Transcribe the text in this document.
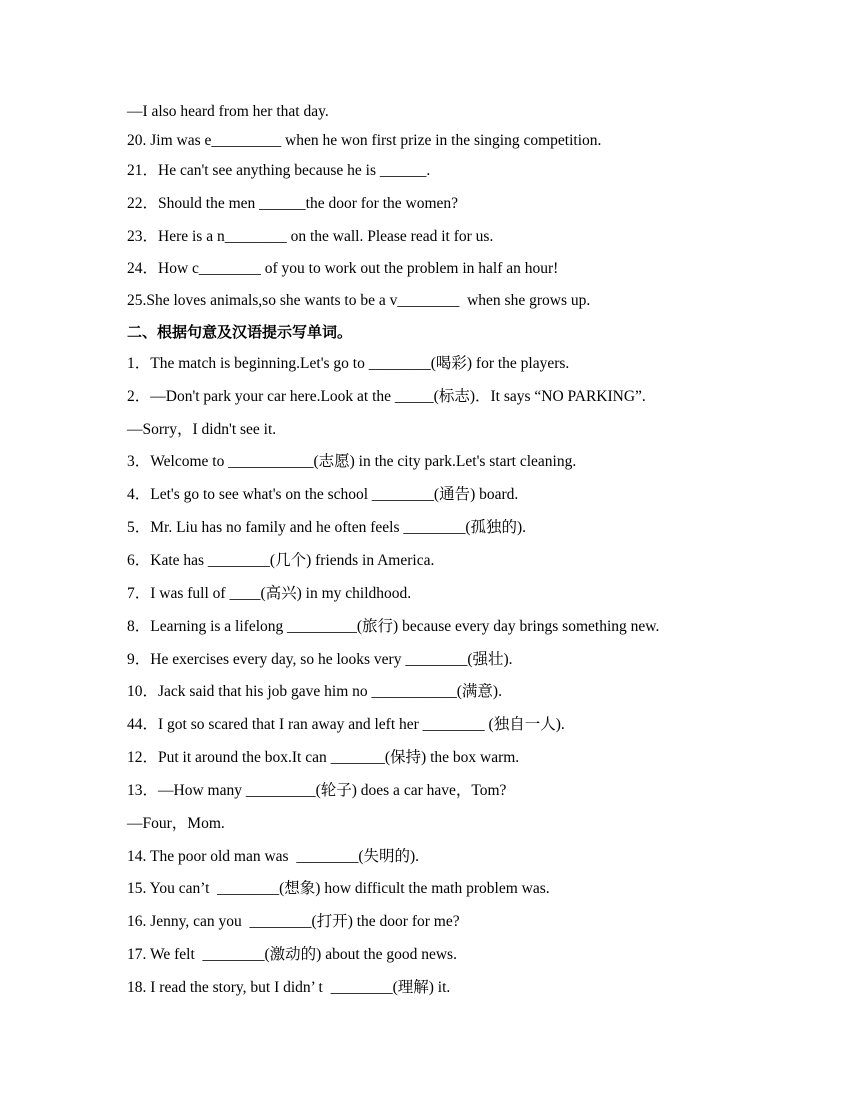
—I also heard from her that day.
20. Jim was e_________ when he won first prize in the singing competition.
21．He can't see anything because he is ______.
22．Should the men ______the door for the women?
23．Here is a n________ on the wall. Please read it for us.
24．How c________ of you to work out the problem in half an hour!
25.She loves animals,so she wants to be a v________  when she grows up.
二、根据句意及汉语提示写单词。
1．The match is beginning.Let's go to ________(喝彩) for the players.
2．—Don't park your car here.Look at the _____(标志)．It says “NO PARKING”.
—Sorry，I didn't see it.
3．Welcome to ___________(志愿) in the city park.Let's start cleaning.
4．Let's go to see what's on the school ________(通告) board.
5．Mr. Liu has no family and he often feels ________(孤独的).
6．Kate has ________(几个) friends in America.
7．I was full of ____(高兴) in my childhood.
8．Learning is a lifelong _________(旅行) because every day brings something new.
9．He exercises every day, so he looks very ________(强壮).
10．Jack said that his job gave him no ___________(满意).
44．I got so scared that I ran away and left her ________ (独自一人).
12．Put it around the box.It can _______(保持) the box warm.
13．—How many _________(轮子) does a car have，Tom?
—Four，Mom.
14. The poor old man was  ________(失明的).
15. You can’t  ________(想象) how difficult the math problem was.
16. Jenny, can you  ________(打开) the door for me?
17. We felt  ________(激动的) about the good news.
18. I read the story, but I didn’ t  ________(理解) it.
